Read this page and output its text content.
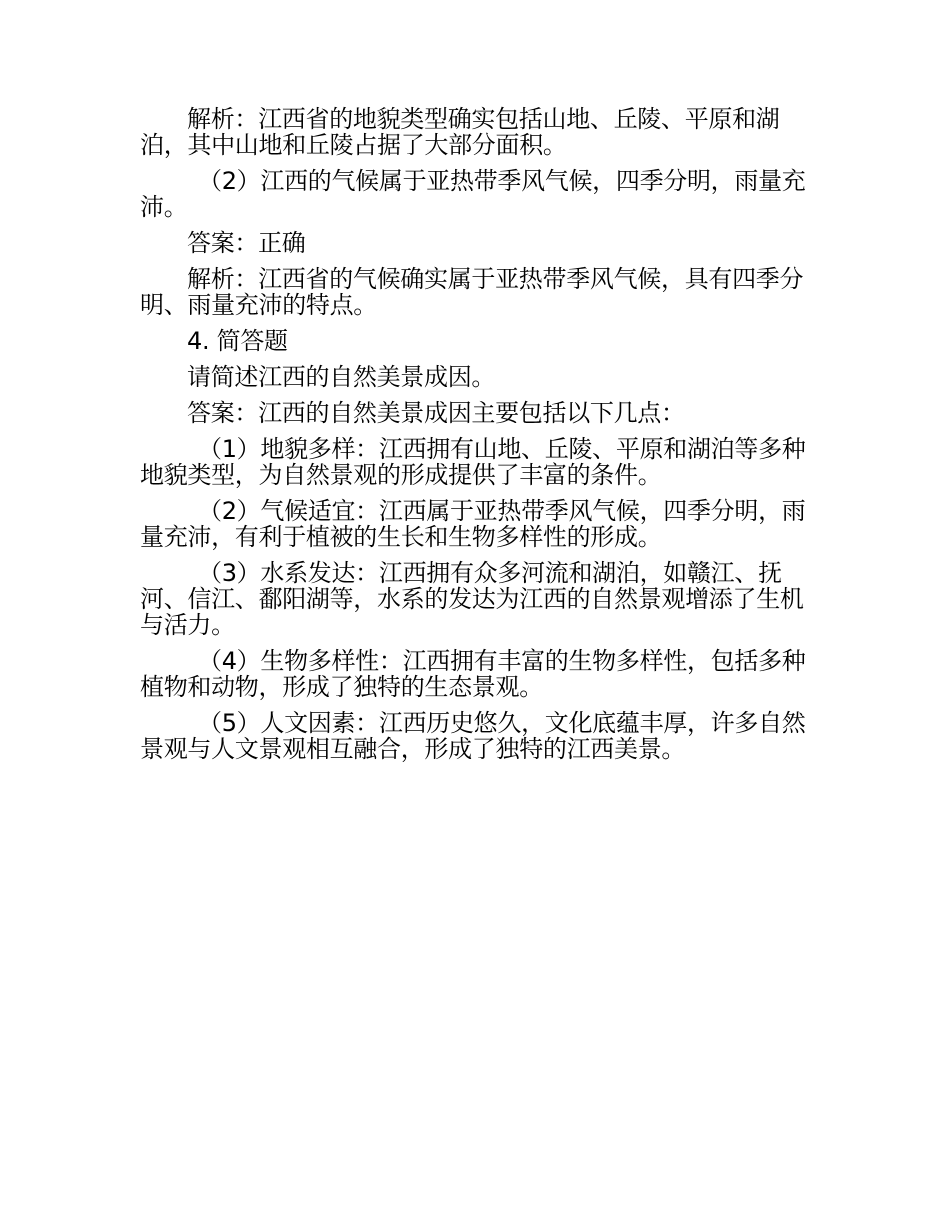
解析：江西省的地貌类型确实包括山地、丘陵、平原和湖泊，其中山地和丘陵占据了大部分面积。

（2）江西的气候属于亚热带季风气候，四季分明，雨量充沛。

答案：正确

解析：江西省的气候确实属于亚热带季风气候，具有四季分明、雨量充沛的特点。

4. 简答题

请简述江西的自然美景成因。

答案：江西的自然美景成因主要包括以下几点：

（1）地貌多样：江西拥有山地、丘陵、平原和湖泊等多种地貌类型，为自然景观的形成提供了丰富的条件。

（2）气候适宜：江西属于亚热带季风气候，四季分明，雨量充沛，有利于植被的生长和生物多样性的形成。

（3）水系发达：江西拥有众多河流和湖泊，如赣江、抚河、信江、鄱阳湖等，水系的发达为江西的自然景观增添了生机与活力。

（4）生物多样性：江西拥有丰富的生物多样性，包括多种植物和动物，形成了独特的生态景观。

（5）人文因素：江西历史悠久，文化底蕴丰厚，许多自然景观与人文景观相互融合，形成了独特的江西美景。
